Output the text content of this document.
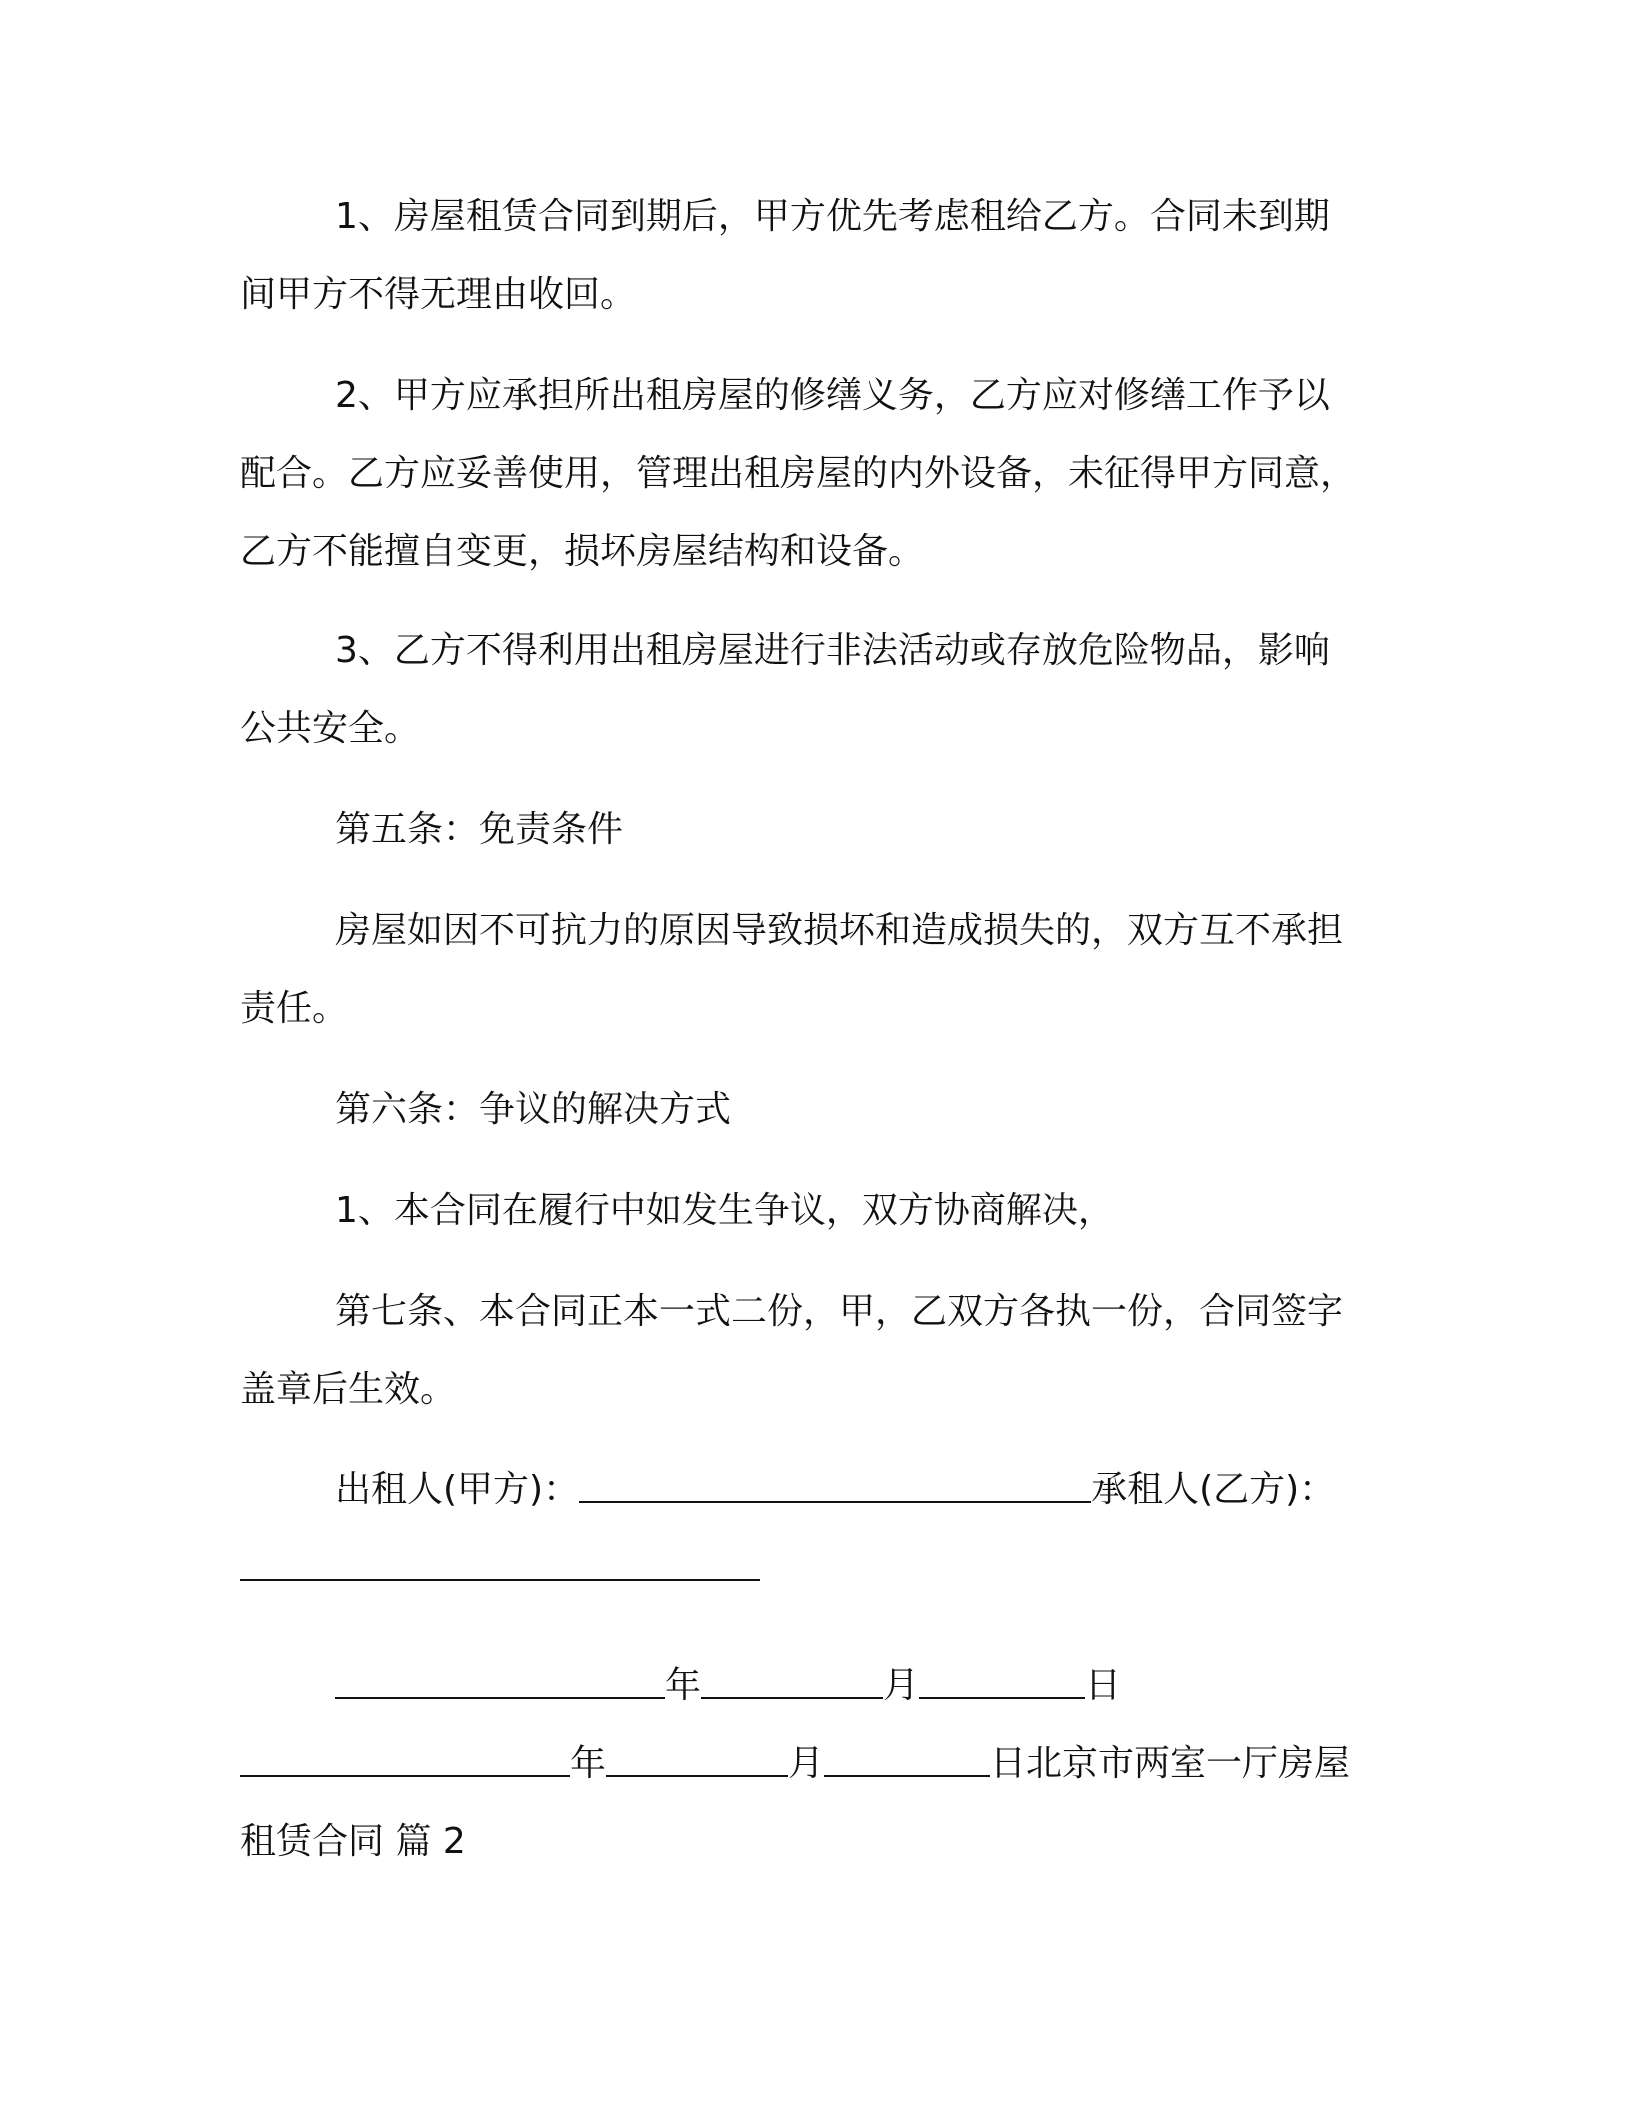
1、房屋租赁合同到期后，甲方优先考虑租给乙方。合同未到期
间甲方不得无理由收回。
2、甲方应承担所出租房屋的修缮义务，乙方应对修缮工作予以
配合。乙方应妥善使用，管理出租房屋的内外设备，未征得甲方同意，
乙方不能擅自变更，损坏房屋结构和设备。
3、乙方不得利用出租房屋进行非法活动或存放危险物品，影响
公共安全。
第五条：免责条件
房屋如因不可抗力的原因导致损坏和造成损失的，双方互不承担
责任。
第六条：争议的解决方式
1、本合同在履行中如发生争议，双方协商解决，
第七条、本合同正本一式二份，甲，乙双方各执一份，合同签字
盖章后生效。
出租人(甲方)：	承租人(乙方)：
年	月	日
年	月	日北京市两室一厅房屋
租赁合同 篇 2
